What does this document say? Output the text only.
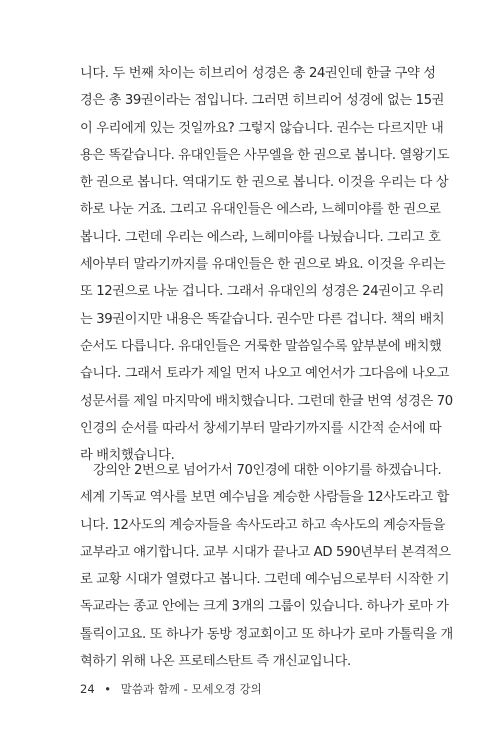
니다. 두 번째 차이는 히브리어 성경은 총 24권인데 한글 구약 성
경은 총 39권이라는 점입니다. 그러면 히브리어 성경에 없는 15권
이 우리에게 있는 것일까요? 그렇지 않습니다. 권수는 다르지만 내
용은 똑같습니다. 유대인들은 사무엘을 한 권으로 봅니다. 열왕기도
한 권으로 봅니다. 역대기도 한 권으로 봅니다. 이것을 우리는 다 상
하로 나눈 거죠. 그리고 유대인들은 에스라, 느헤미야를 한 권으로
봅니다. 그런데 우리는 에스라, 느헤미야를 나눴습니다. 그리고 호
세아부터 말라기까지를 유대인들은 한 권으로 봐요. 이것을 우리는
또 12권으로 나눈 겁니다. 그래서 유대인의 성경은 24권이고 우리
는 39권이지만 내용은 똑같습니다. 권수만 다른 겁니다. 책의 배치
순서도 다릅니다. 유대인들은 거룩한 말씀일수록 앞부분에 배치했
습니다. 그래서 토라가 제일 먼저 나오고 예언서가 그다음에 나오고
성문서를 제일 마지막에 배치했습니다. 그런데 한글 번역 성경은 70
인경의 순서를 따라서 창세기부터 말라기까지를 시간적 순서에 따
라 배치했습니다.
강의안 2번으로 넘어가서 70인경에 대한 이야기를 하겠습니다.
세계 기독교 역사를 보면 예수님을 계승한 사람들을 12사도라고 합
니다. 12사도의 계승자들을 속사도라고 하고 속사도의 계승자들을
교부라고 얘기합니다. 교부 시대가 끝나고 AD 590년부터 본격적으
로 교황 시대가 열렸다고 봅니다. 그런데 예수님으로부터 시작한 기
독교라는 종교 안에는 크게 3개의 그룹이 있습니다. 하나가 로마 가
톨릭이고요. 또 하나가 동방 정교회이고 또 하나가 로마 가톨릭을 개
혁하기 위해 나온 프로테스탄트 즉 개신교입니다.
24 • 말씀과 함께 - 모세오경 강의
